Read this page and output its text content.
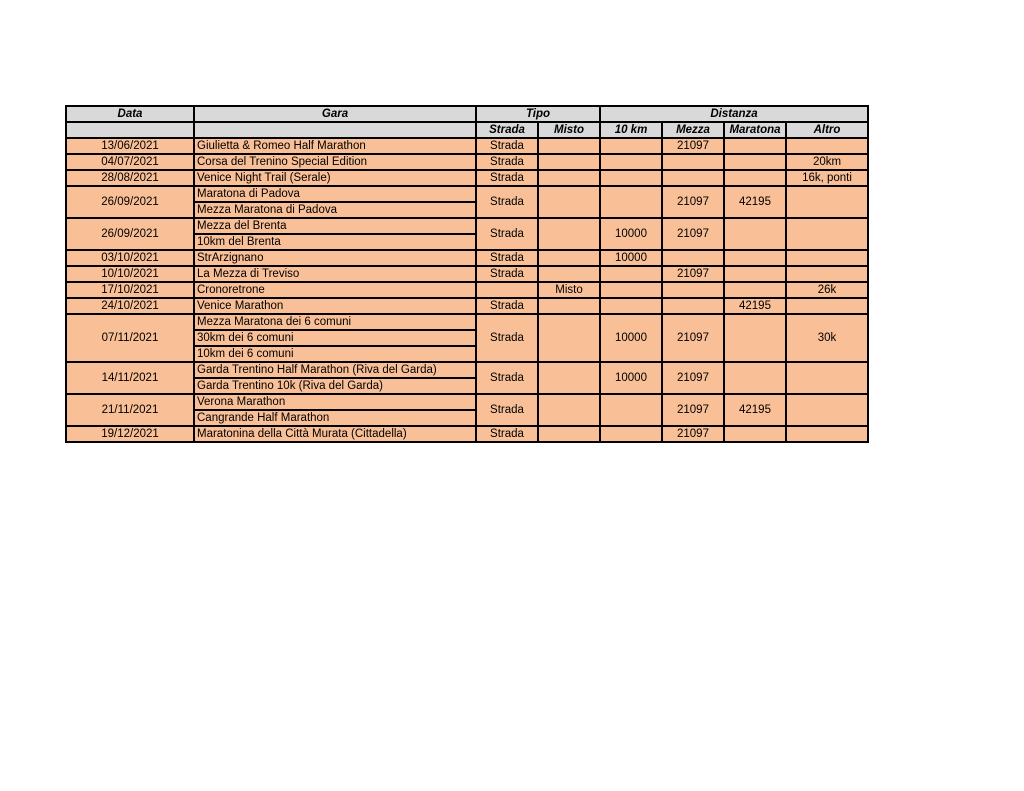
Data	Gara	Tipo		Distanza			
		Strada	Misto	10 km	Mezza	Maratona	Altro
13/06/2021	Giulietta & Romeo Half Marathon	Strada			21097		
04/07/2021	Corsa del Trenino Special Edition	Strada					20km
28/08/2021	Venice Night Trail (Serale)	Strada					16k, ponti
26/09/2021	Maratona di Padova	Strada			21097	42195	
	Mezza Maratona di Padova						
26/09/2021	Mezza del Brenta	Strada		10000	21097		
	10km del Brenta						
03/10/2021	StrArzignano	Strada		10000			
10/10/2021	La Mezza di Treviso	Strada			21097		
17/10/2021	Cronoretrone		Misto				26k
24/10/2021	Venice Marathon	Strada				42195	
07/11/2021	Mezza Maratona dei 6 comuni	Strada		10000	21097		30k
	30km dei 6 comuni						
	10km dei 6 comuni						
14/11/2021	Garda Trentino Half Marathon (Riva del Garda)	Strada		10000	21097		
	Garda Trentino 10k (Riva del Garda)						
21/11/2021	Verona Marathon	Strada			21097	42195	
	Cangrande Half Marathon						
19/12/2021	Maratonina della Città Murata (Cittadella)	Strada			21097		
